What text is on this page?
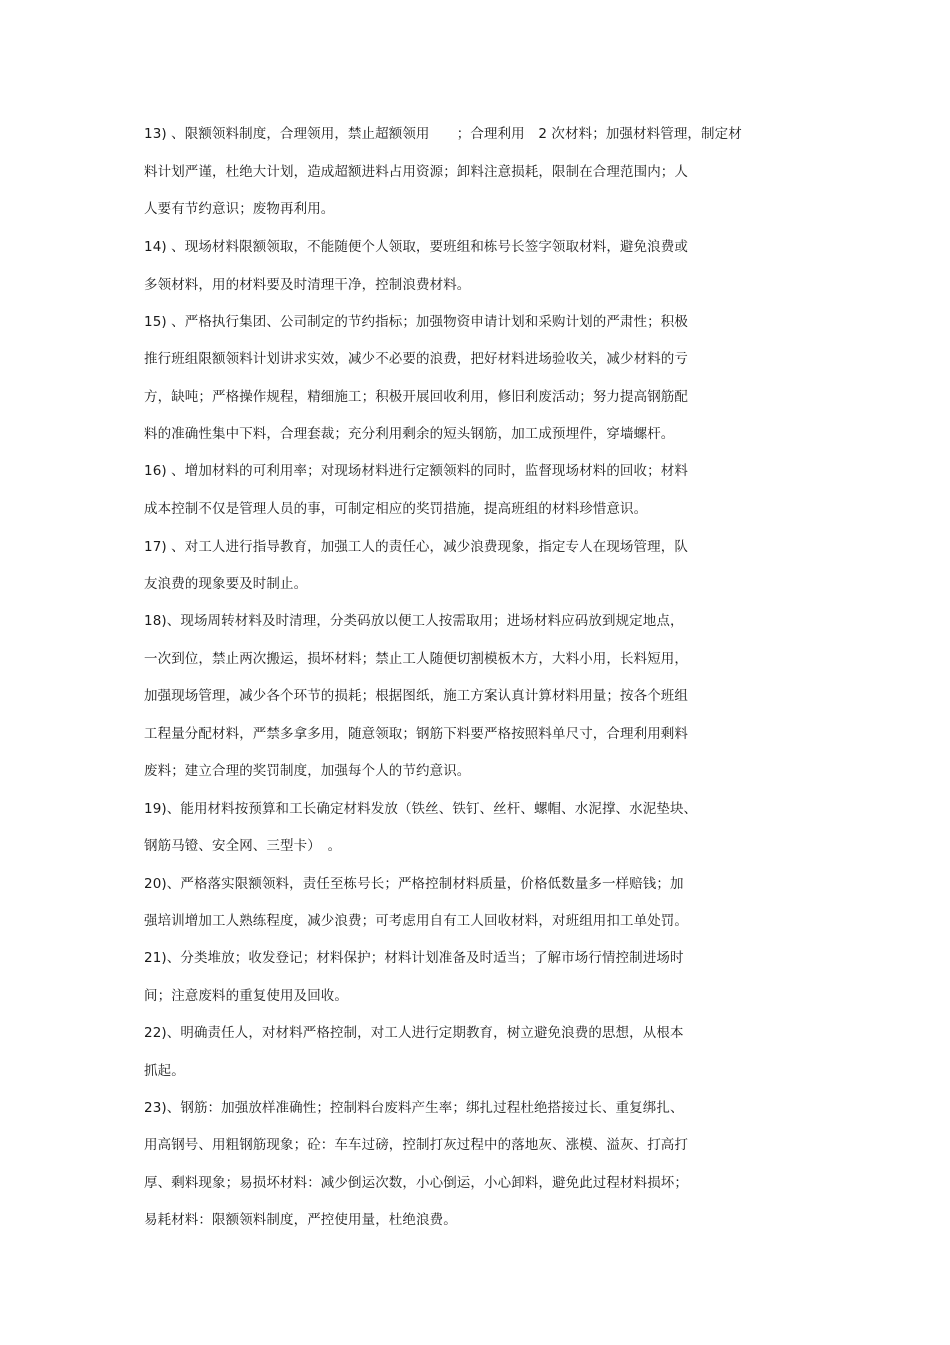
13) 、限额领料制度，合理领用，禁止超额领用　　；合理利用　2 次材料；加强材料管理，制定材
料计划严谨，杜绝大计划，造成超额进料占用资源；卸料注意损耗，限制在合理范围内；人
人要有节约意识；废物再利用。
14) 、现场材料限额领取，不能随便个人领取，要班组和栋号长签字领取材料，避免浪费或
多领材料，用的材料要及时清理干净，控制浪费材料。
15) 、严格执行集团、公司制定的节约指标；加强物资申请计划和采购计划的严肃性；积极
推行班组限额领料计划讲求实效，减少不必要的浪费，把好材料进场验收关，减少材料的亏
方，缺吨；严格操作规程，精细施工；积极开展回收利用，修旧利废活动；努力提高钢筋配
料的准确性集中下料，合理套裁；充分利用剩余的短头钢筋，加工成预埋件，穿墙螺杆。
16) 、增加材料的可利用率；对现场材料进行定额领料的同时，监督现场材料的回收；材料
成本控制不仅是管理人员的事，可制定相应的奖罚措施，提高班组的材料珍惜意识。
17) 、对工人进行指导教育，加强工人的责任心，减少浪费现象，指定专人在现场管理，队
友浪费的现象要及时制止。
18)、现场周转材料及时清理，分类码放以便工人按需取用；进场材料应码放到规定地点，
一次到位，禁止两次搬运，损坏材料；禁止工人随便切割模板木方，大料小用，长料短用，
加强现场管理，减少各个环节的损耗；根据图纸，施工方案认真计算材料用量；按各个班组
工程量分配材料，严禁多拿多用，随意领取；钢筋下料要严格按照料单尺寸，合理利用剩料
废料；建立合理的奖罚制度，加强每个人的节约意识。
19)、能用材料按预算和工长确定材料发放（铁丝、铁钉、丝杆、螺帽、水泥撑、水泥垫块、
钢筋马镫、安全网、三型卡）　。
20)、严格落实限额领料，责任至栋号长；严格控制材料质量，价格低数量多一样赔钱；加
强培训增加工人熟练程度，减少浪费；可考虑用自有工人回收材料，对班组用扣工单处罚。
21)、分类堆放；收发登记；材料保护；材料计划准备及时适当；了解市场行情控制进场时
间；注意废料的重复使用及回收。
22)、明确责任人，对材料严格控制，对工人进行定期教育，树立避免浪费的思想，从根本
抓起。
23)、钢筋：加强放样准确性；控制料台废料产生率；绑扎过程杜绝搭接过长、重复绑扎、
用高钢号、用粗钢筋现象；砼：车车过磅，控制打灰过程中的落地灰、涨模、溢灰、打高打
厚、剩料现象；易损坏材料：减少倒运次数，小心倒运，小心卸料，避免此过程材料损坏；
易耗材料：限额领料制度，严控使用量，杜绝浪费。
